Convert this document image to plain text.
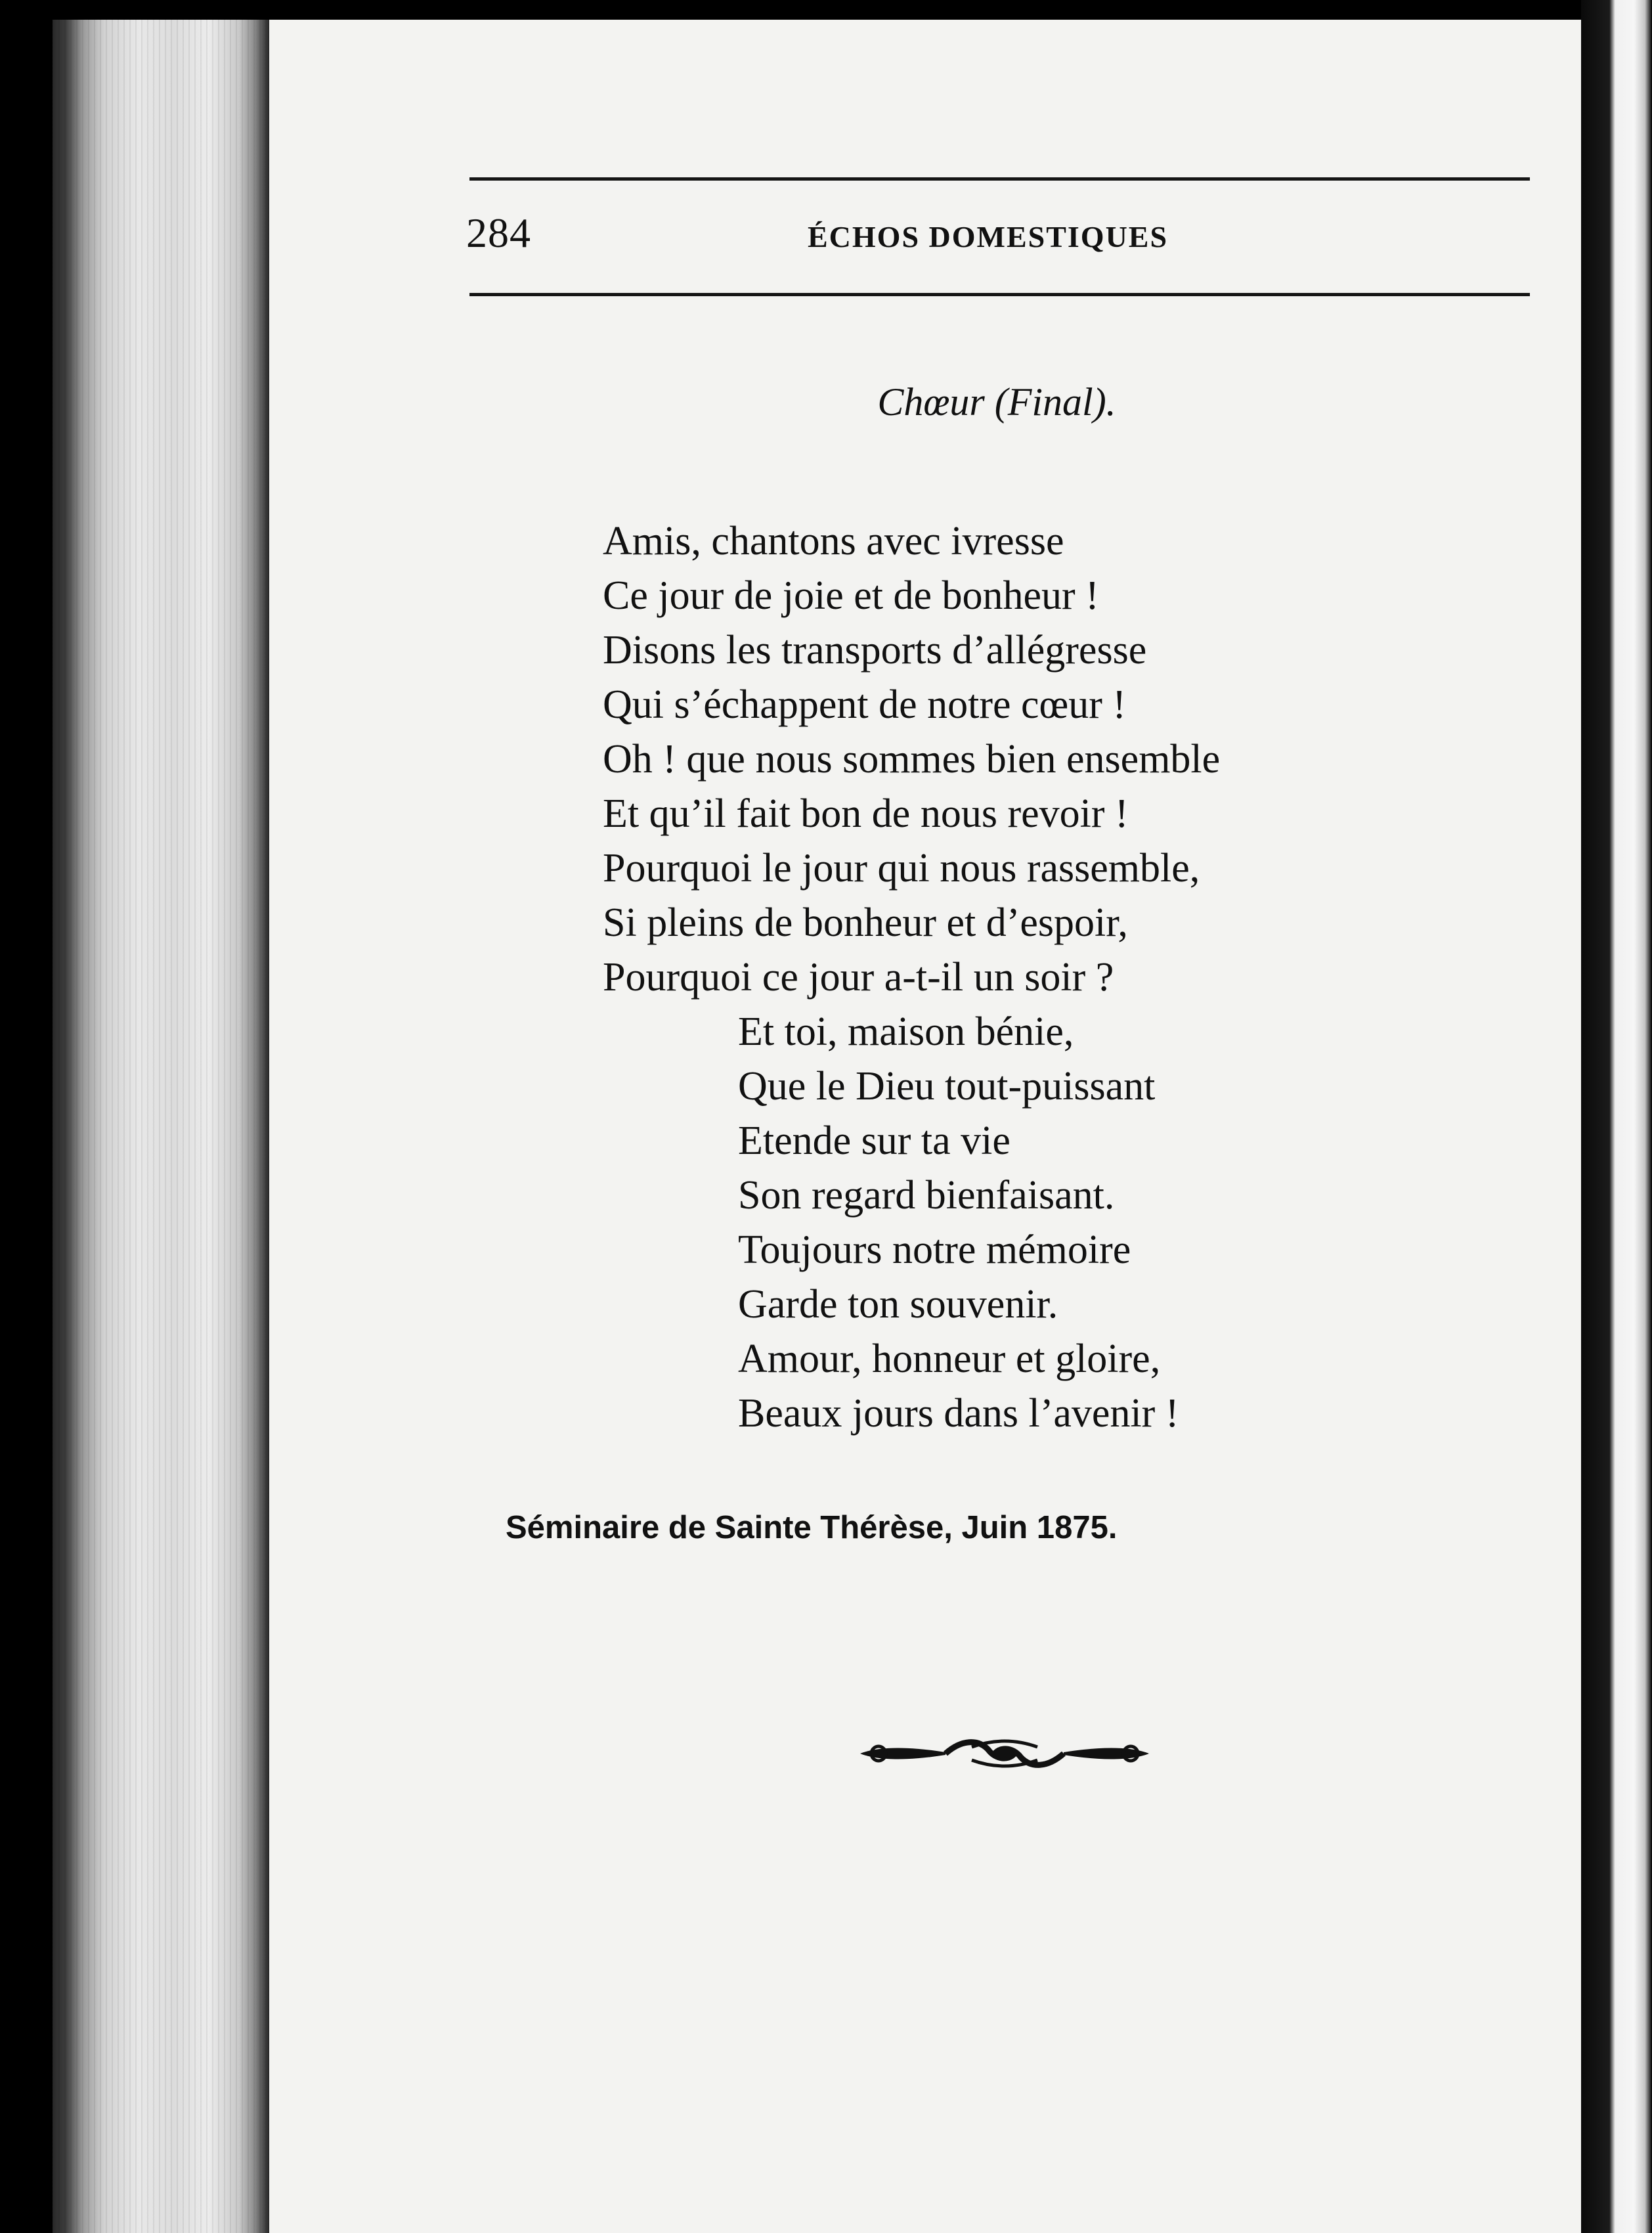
284	ÉCHOS DOMESTIQUES
Chœur (Final).
Amis, chantons avec ivresse
Ce jour de joie et de bonheur !
Disons les transports d’allégresse
Qui s’échappent de notre cœur !
Oh ! que nous sommes bien ensemble
Et qu’il fait bon de nous revoir !
Pourquoi le jour qui nous rassemble,
Si pleins de bonheur et d’espoir,
Pourquoi ce jour a-t-il un soir ?
Et toi, maison bénie,
Que le Dieu tout-puissant
Etende sur ta vie
Son regard bienfaisant.
Toujours notre mémoire
Garde ton souvenir.
Amour, honneur et gloire,
Beaux jours dans l’avenir !
Séminaire de Sainte Thérèse, Juin 1875.
